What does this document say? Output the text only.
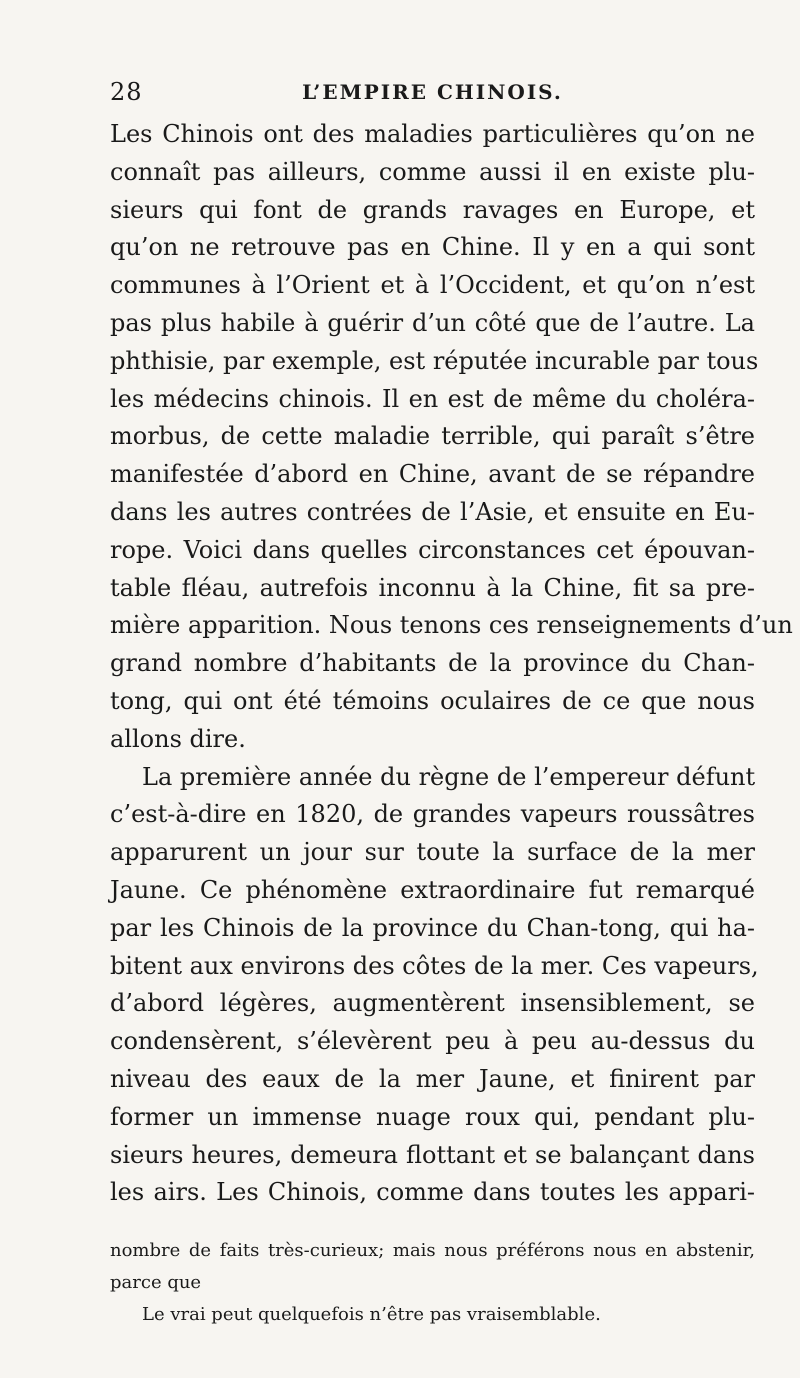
28	L’EMPIRE CHINOIS.
Les Chinois ont des maladies particulières qu’on ne
connaît pas ailleurs, comme aussi il en existe plu-
sieurs qui font de grands ravages en Europe, et
qu’on ne retrouve pas en Chine. Il y en a qui sont
communes à l’Orient et à l’Occident, et qu’on n’est
pas plus habile à guérir d’un côté que de l’autre. La
phthisie, par exemple, est réputée incurable par tous
les médecins chinois. Il en est de même du choléra-
morbus, de cette maladie terrible, qui paraît s’être
manifestée d’abord en Chine, avant de se répandre
dans les autres contrées de l’Asie, et ensuite en Eu-
rope. Voici dans quelles circonstances cet épouvan-
table fléau, autrefois inconnu à la Chine, fit sa pre-
mière apparition. Nous tenons ces renseignements d’un
grand nombre d’habitants de la province du Chan-
tong, qui ont été témoins oculaires de ce que nous
allons dire.
La première année du règne de l’empereur défunt
c’est-à-dire en 1820, de grandes vapeurs roussâtres
apparurent un jour sur toute la surface de la mer
Jaune. Ce phénomène extraordinaire fut remarqué
par les Chinois de la province du Chan-tong, qui ha-
bitent aux environs des côtes de la mer. Ces vapeurs,
d’abord légères, augmentèrent insensiblement, se
condensèrent, s’élevèrent peu à peu au-dessus du
niveau des eaux de la mer Jaune, et finirent par
former un immense nuage roux qui, pendant plu-
sieurs heures, demeura flottant et se balançant dans
les airs. Les Chinois, comme dans toutes les appari-
nombre de faits très-curieux; mais nous préférons nous en abstenir,
parce que
Le vrai peut quelquefois n’être pas vraisemblable.
